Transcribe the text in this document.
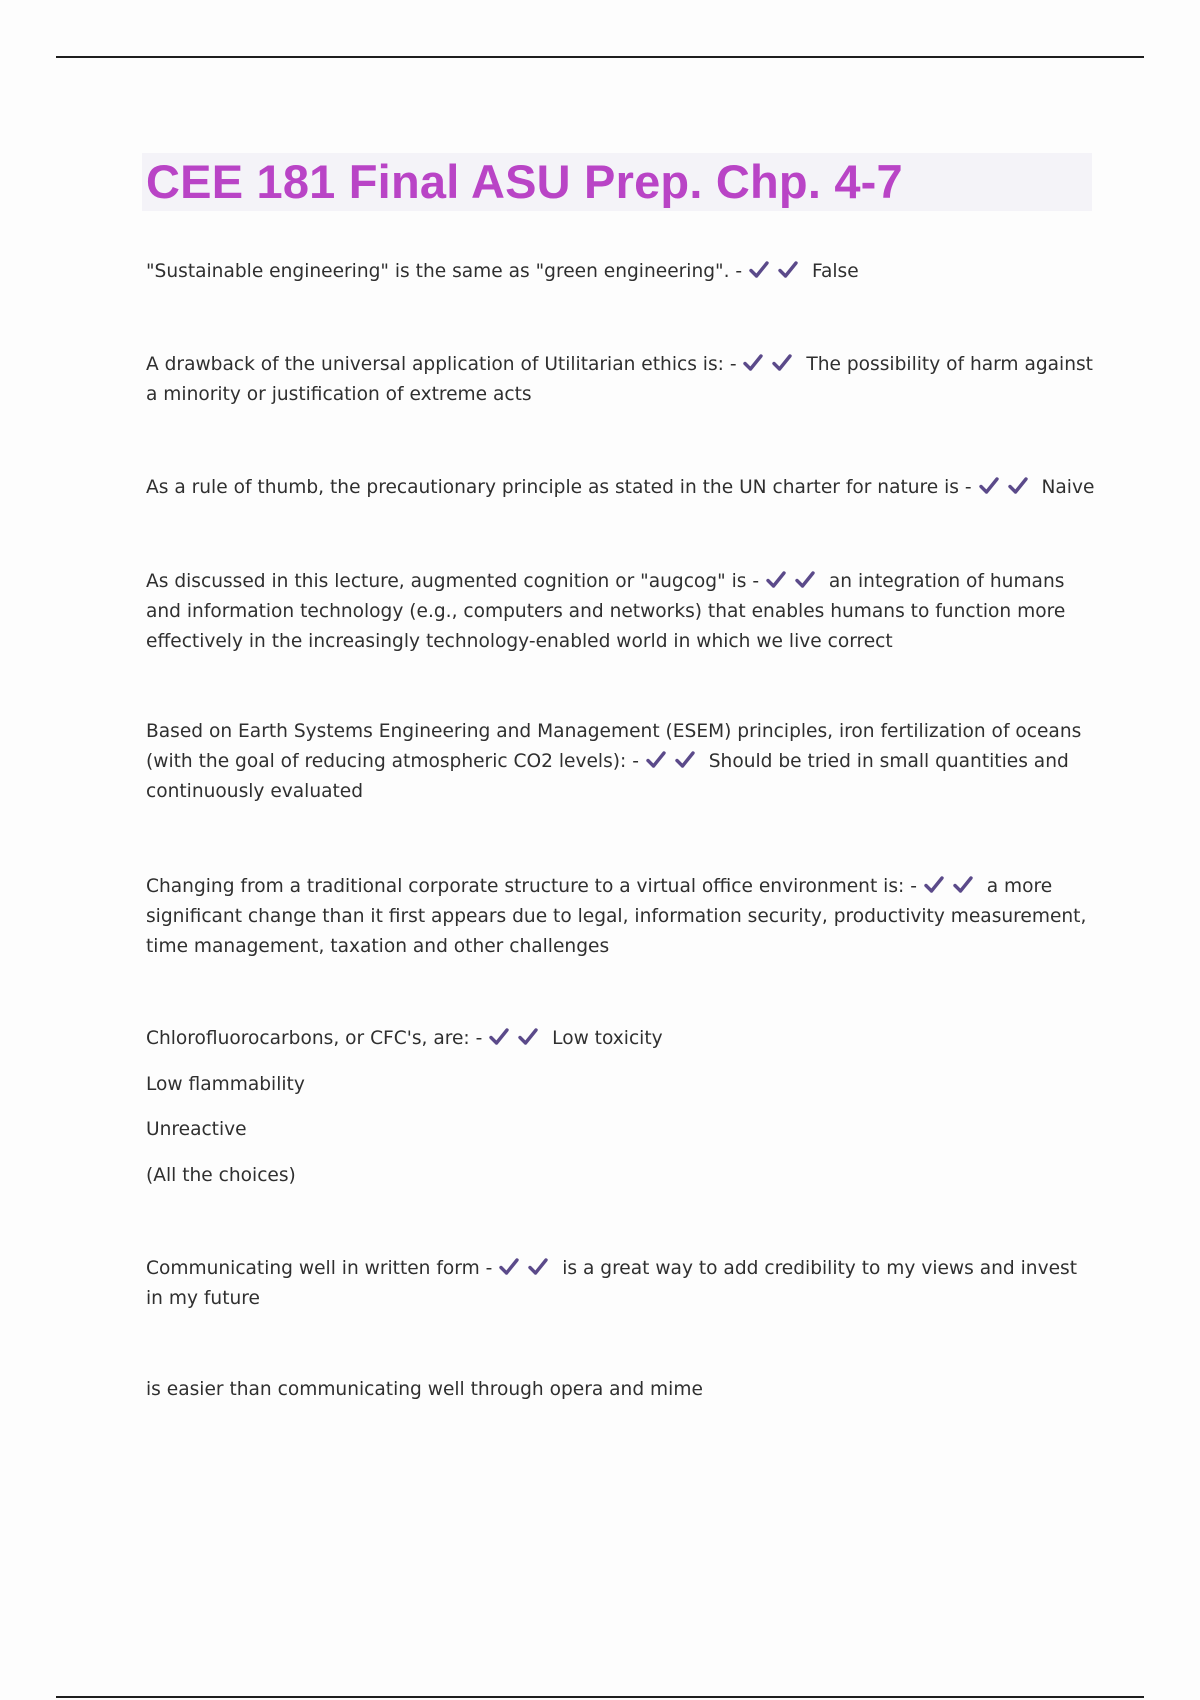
CEE 181 Final ASU Prep. Chp. 4-7
"Sustainable engineering" is the same as "green engineering". -	False
A drawback of the universal application of Utilitarian ethics is: -	The possibility of harm against a minority or justification of extreme acts
As a rule of thumb, the precautionary principle as stated in the UN charter for nature is -	Naive
As discussed in this lecture, augmented cognition or "augcog" is -	an integration of humans and information technology (e.g., computers and networks) that enables humans to function more effectively in the increasingly technology-enabled world in which we live correct
Based on Earth Systems Engineering and Management (ESEM) principles, iron fertilization of oceans (with the goal of reducing atmospheric CO2 levels): -	Should be tried in small quantities and continuously evaluated
Changing from a traditional corporate structure to a virtual office environment is: -	a more significant change than it first appears due to legal, information security, productivity measurement, time management, taxation and other challenges
Chlorofluorocarbons, or CFC's, are: -	Low toxicity
Low flammability
Unreactive
(All the choices)
Communicating well in written form -	is a great way to add credibility to my views and invest in my future
is easier than communicating well through opera and mime
